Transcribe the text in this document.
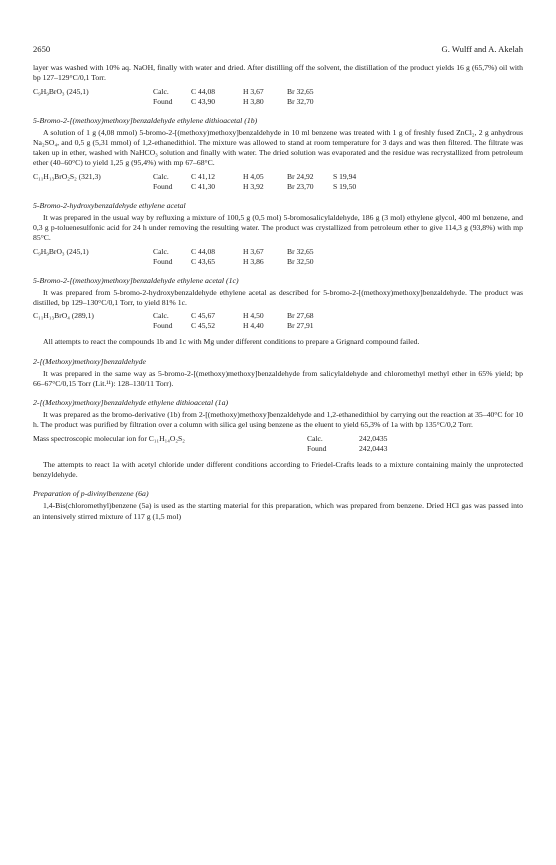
2650	G. Wulff and A. Akelah

layer was washed with 10% aq. NaOH, finally with water and dried. After distilling off the solvent, the distillation of the product yields 16 g (65,7%) oil with bp 127–129°C/0,1 Torr.

C₉H₉BrO₃ (245,1)	Calc.	C 44,08	H 3,67	Br 32,65
Found	C 43,90	H 3,80	Br 32,70
5-Bromo-2-[(methoxy)methoxy]benzaldehyde ethylene dithioacetal (1b)

A solution of 1 g (4,08 mmol) 5-bromo-2-[(methoxy)methoxy]benzaldehyde in 10 ml benzene was treated with 1 g of freshly fused ZnCl₂, 2 g anhydrous Na₂SO₄, and 0,5 g (5,31 mmol) of 1,2-ethanedithiol. The mixture was allowed to stand at room temperature for 3 days and was then filtered. The filtrate was taken up in ether, washed with NaHCO₃ solution and finally with water. The dried solution was evaporated and the residue was recrystallized from petroleum ether (40–60°C) to yield 1,25 g (95,4%) with mp 67–68°C.

C₁₁H₁₃BrO₂S₂ (321,3)	Calc.	C 41,12	H 4,05	Br 24,92	S 19,94
Found	C 41,30	H 3,92	Br 23,70	S 19,50
5-Bromo-2-hydroxybenzaldehyde ethylene acetal

It was prepared in the usual way by refluxing a mixture of 100,5 g (0,5 mol) 5-bromosalicylaldehyde, 186 g (3 mol) ethylene glycol, 400 ml benzene, and 0,3 g p-toluenesulfonic acid for 24 h under removing the resulting water. The product was crystallized from petroleum ether to give 114,3 g (93,8%) with mp 85°C.

C₉H₉BrO₃ (245,1)	Calc.	C 44,08	H 3,67	Br 32,65
Found	C 43,65	H 3,86	Br 32,50
5-Bromo-2-[(methoxy)methoxy]benzaldehyde ethylene acetal (1c)

It was prepared from 5-bromo-2-hydroxybenzaldehyde ethylene acetal as described for 5-bromo-2-[(methoxy)methoxy]benzaldehyde. The product was distilled, bp 129–130°C/0,1 Torr, to yield 81% 1c.

C₁₁H₁₃BrO₄ (289,1)	Calc.	C 45,67	H 4,50	Br 27,68
Found	C 45,52	H 4,40	Br 27,91

All attempts to react the compounds 1b and 1c with Mg under different conditions to prepare a Grignard compound failed.

2-[(Methoxy)methoxy]benzaldehyde

It was prepared in the same way as 5-bromo-2-[(methoxy)methoxy]benzaldehyde from salicylaldehyde and chloromethyl methyl ether in 65% yield; bp 66–67°C/0,15 Torr (Lit.¹¹): 128–130/11 Torr).

2-[(Methoxy)methoxy]benzaldehyde ethylene dithioacetal (1a)

It was prepared as the bromo-derivative (1b) from 2-[(methoxy)methoxy]benzaldehyde and 1,2-ethanedithiol by carrying out the reaction at 35–40°C for 10 h. The product was purified by filtration over a column with silica gel using benzene as the eluent to yield 65,3% of 1a with bp 135°C/0,2 Torr.

Mass spectroscopic molecular ion for C₁₁H₁₄O₂S₂	Calc.	242,0435
Found	242,0443

The attempts to react 1a with acetyl chloride under different conditions according to Friedel-Crafts leads to a mixture containing mainly the unprotected benzyldehyde.

Preparation of p-divinylbenzene (6a)

1,4-Bis(chloromethyl)benzene (5a) is used as the starting material for this preparation, which was prepared from benzene. Dried HCl gas was passed into an intensively stirred mixture of 117 g (1,5 mol)
